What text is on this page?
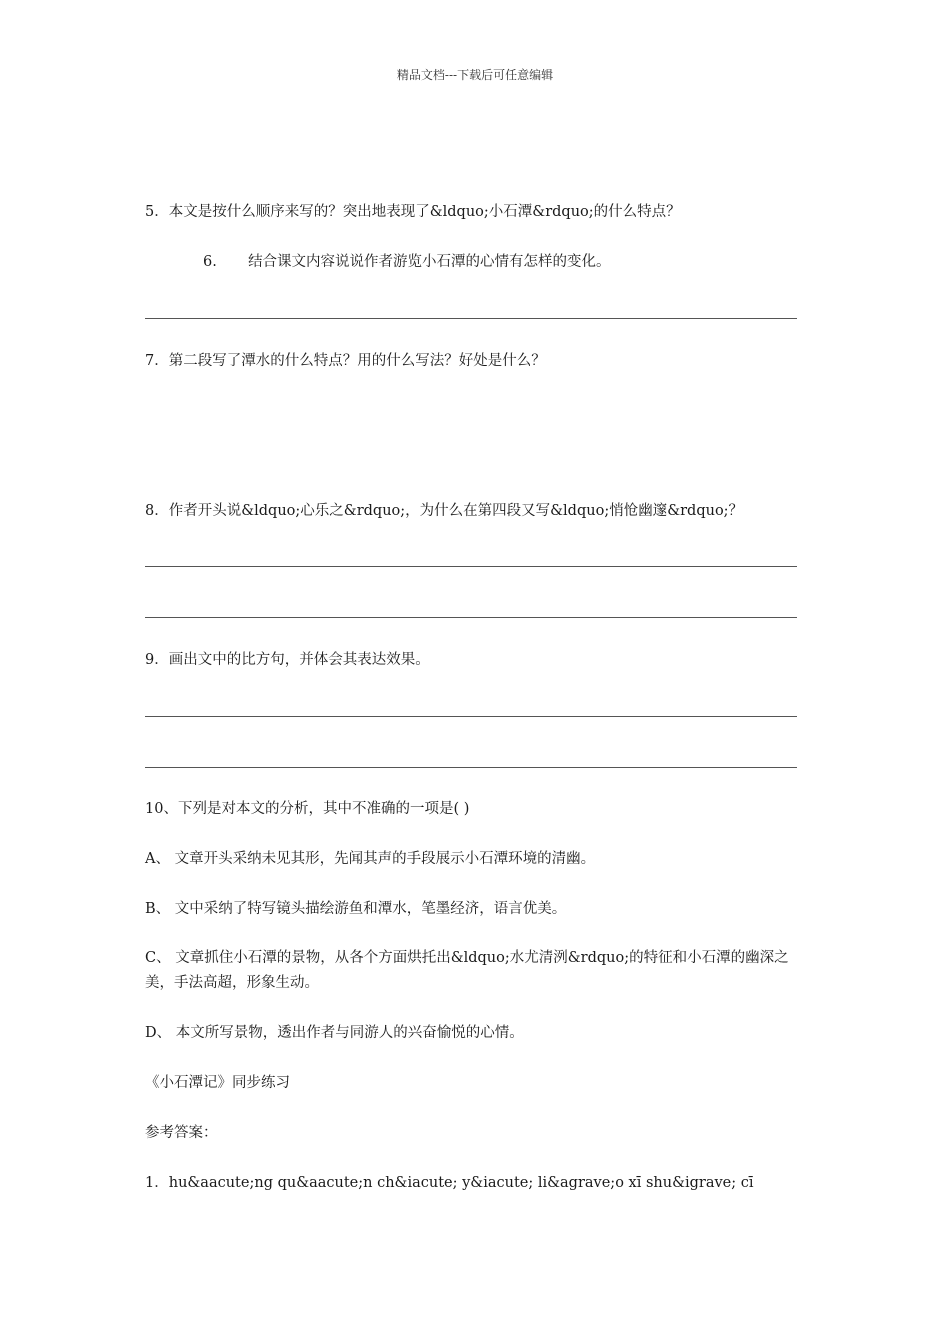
精品文档---下载后可任意编辑
5．本文是按什么顺序来写的？突出地表现了&ldquo;小石潭&rdquo;的什么特点？
6. 结合课文内容说说作者游览小石潭的心情有怎样的变化。
7．第二段写了潭水的什么特点？用的什么写法？好处是什么？
8．作者开头说&ldquo;心乐之&rdquo;，为什么在第四段又写&ldquo;悄怆幽邃&rdquo;？
9．画出文中的比方句，并体会其表达效果。
10、下列是对本文的分析，其中不准确的一项是( )
A、 文章开头采纳未见其形，先闻其声的手段展示小石潭环境的清幽。
B、 文中采纳了特写镜头描绘游鱼和潭水，笔墨经济，语言优美。
C、 文章抓住小石潭的景物，从各个方面烘托出&ldquo;水尤清洌&rdquo;的特征和小石潭的幽深之美，手法高超，形象生动。
D、 本文所写景物，透出作者与同游人的兴奋愉悦的心情。
《小石潭记》同步练习
参考答案：
1．hu&aacute;ng qu&aacute;n ch&iacute; y&iacute; li&agrave;o xī shu&igrave; cī
